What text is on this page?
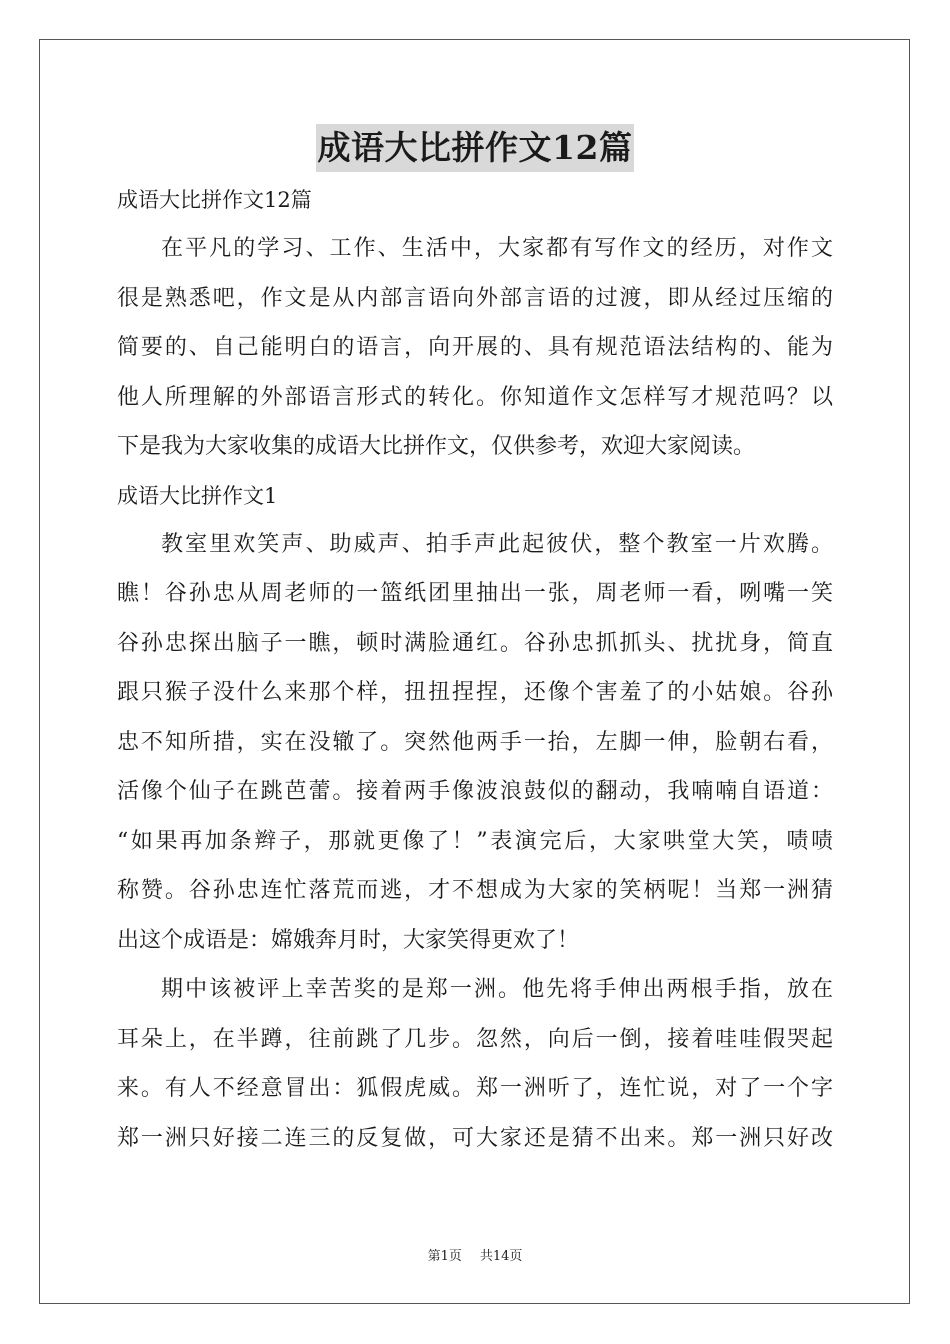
成语大比拼作文12篇
成语大比拼作文12篇
在平凡的学习、工作、生活中，大家都有写作文的经历，对作文
很是熟悉吧，作文是从内部言语向外部言语的过渡，即从经过压缩的
简要的、自己能明白的语言，向开展的、具有规范语法结构的、能为
他人所理解的外部语言形式的转化。你知道作文怎样写才规范吗？以
下是我为大家收集的成语大比拼作文，仅供参考，欢迎大家阅读。
成语大比拼作文1
教室里欢笑声、助威声、拍手声此起彼伏，整个教室一片欢腾。
瞧！谷孙忠从周老师的一篮纸团里抽出一张，周老师一看，咧嘴一笑
谷孙忠探出脑子一瞧，顿时满脸通红。谷孙忠抓抓头、扰扰身，简直
跟只猴子没什么来那个样，扭扭捏捏，还像个害羞了的小姑娘。谷孙
忠不知所措，实在没辙了。突然他两手一抬，左脚一伸，脸朝右看，
活像个仙子在跳芭蕾。接着两手像波浪鼓似的翻动，我喃喃自语道：
“如果再加条辫子，那就更像了！”表演完后，大家哄堂大笑，啧啧
称赞。谷孙忠连忙落荒而逃，才不想成为大家的笑柄呢！当郑一洲猜
出这个成语是：嫦娥奔月时，大家笑得更欢了！
期中该被评上幸苦奖的是郑一洲。他先将手伸出两根手指，放在
耳朵上，在半蹲，往前跳了几步。忽然，向后一倒，接着哇哇假哭起
来。有人不经意冒出：狐假虎威。郑一洲听了，连忙说，对了一个字
郑一洲只好接二连三的反复做，可大家还是猜不出来。郑一洲只好改
第1页 共14页
